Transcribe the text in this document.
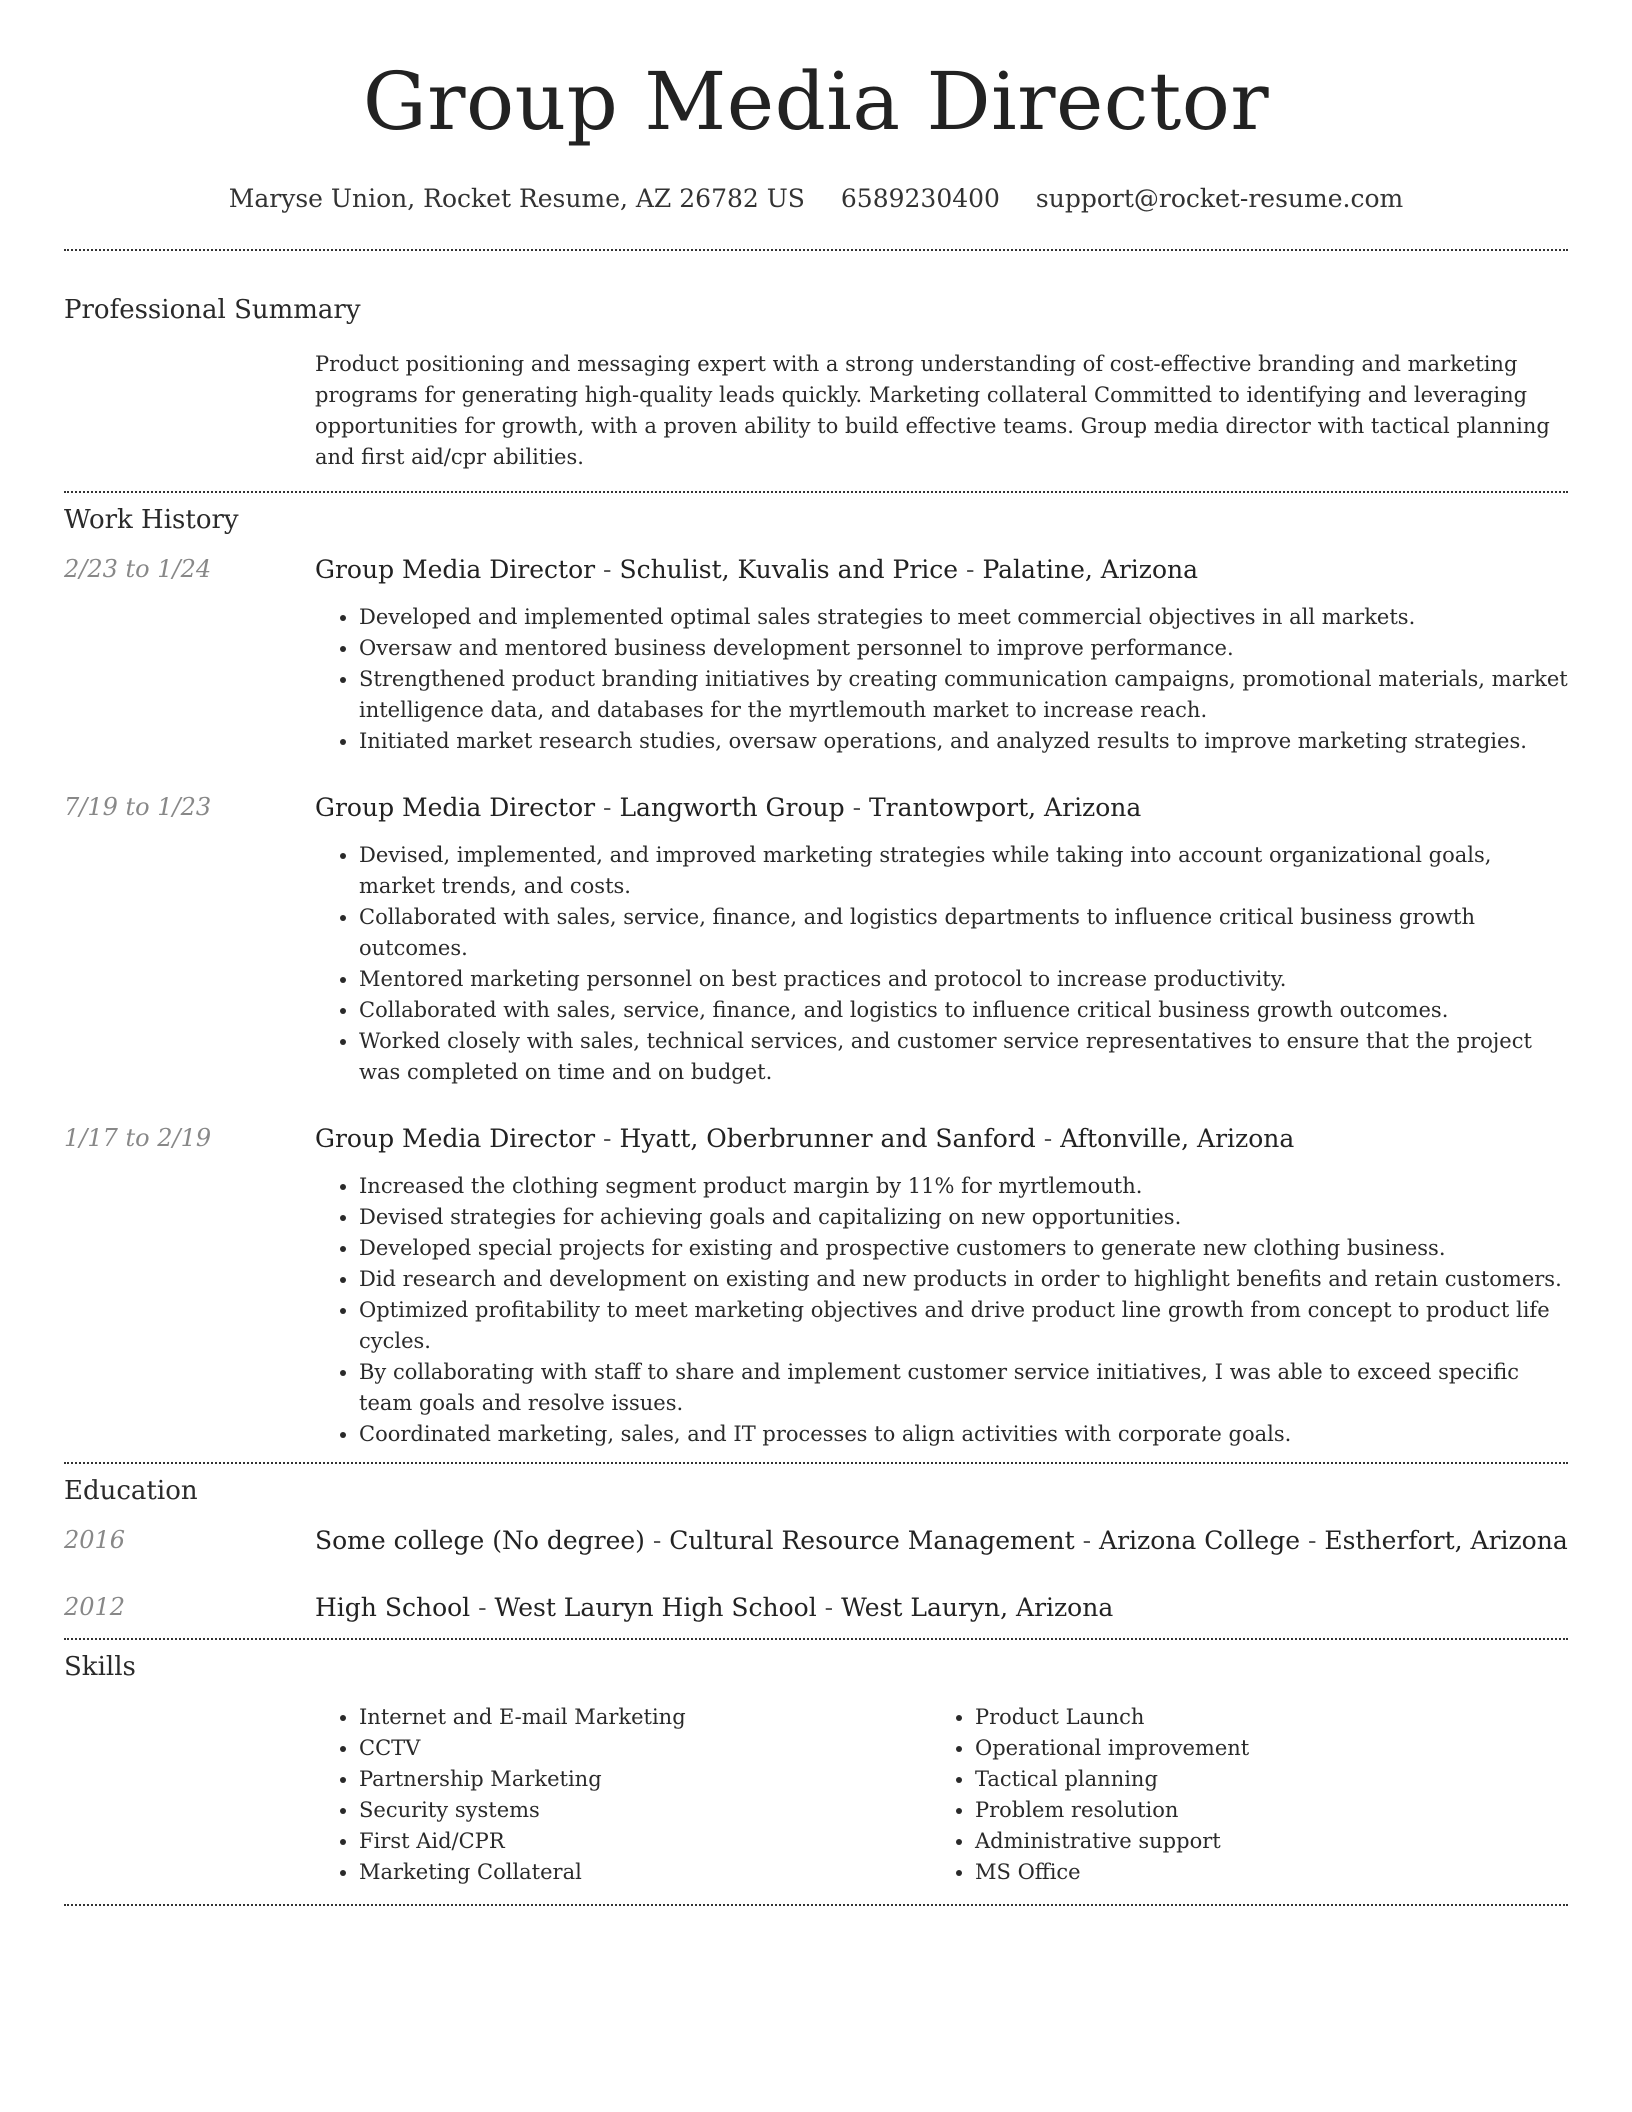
Group Media Director
Maryse Union, Rocket Resume, AZ 26782 US 6589230400 support@rocket-resume.com
Professional Summary
Product positioning and messaging expert with a strong understanding of cost-effective branding and marketing programs for generating high-quality leads quickly. Marketing collateral Committed to identifying and leveraging opportunities for growth, with a proven ability to build effective teams. Group media director with tactical planning and first aid/cpr abilities.
Work History
2/23 to 1/24	Group Media Director - Schulist, Kuvalis and Price - Palatine, Arizona
• Developed and implemented optimal sales strategies to meet commercial objectives in all markets.
• Oversaw and mentored business development personnel to improve performance.
• Strengthened product branding initiatives by creating communication campaigns, promotional materials, market intelligence data, and databases for the myrtlemouth market to increase reach.
• Initiated market research studies, oversaw operations, and analyzed results to improve marketing strategies.
7/19 to 1/23	Group Media Director - Langworth Group - Trantowport, Arizona
• Devised, implemented, and improved marketing strategies while taking into account organizational goals, market trends, and costs.
• Collaborated with sales, service, finance, and logistics departments to influence critical business growth outcomes.
• Mentored marketing personnel on best practices and protocol to increase productivity.
• Collaborated with sales, service, finance, and logistics to influence critical business growth outcomes.
• Worked closely with sales, technical services, and customer service representatives to ensure that the project was completed on time and on budget.
1/17 to 2/19	Group Media Director - Hyatt, Oberbrunner and Sanford - Aftonville, Arizona
• Increased the clothing segment product margin by 11% for myrtlemouth.
• Devised strategies for achieving goals and capitalizing on new opportunities.
• Developed special projects for existing and prospective customers to generate new clothing business.
• Did research and development on existing and new products in order to highlight benefits and retain customers.
• Optimized profitability to meet marketing objectives and drive product line growth from concept to product life cycles.
• By collaborating with staff to share and implement customer service initiatives, I was able to exceed specific team goals and resolve issues.
• Coordinated marketing, sales, and IT processes to align activities with corporate goals.
Education
2016	Some college (No degree) - Cultural Resource Management - Arizona College - Estherfort, Arizona
2012	High School - West Lauryn High School - West Lauryn, Arizona
Skills
• Internet and E-mail Marketing
• CCTV
• Partnership Marketing
• Security systems
• First Aid/CPR
• Marketing Collateral
• Product Launch
• Operational improvement
• Tactical planning
• Problem resolution
• Administrative support
• MS Office
